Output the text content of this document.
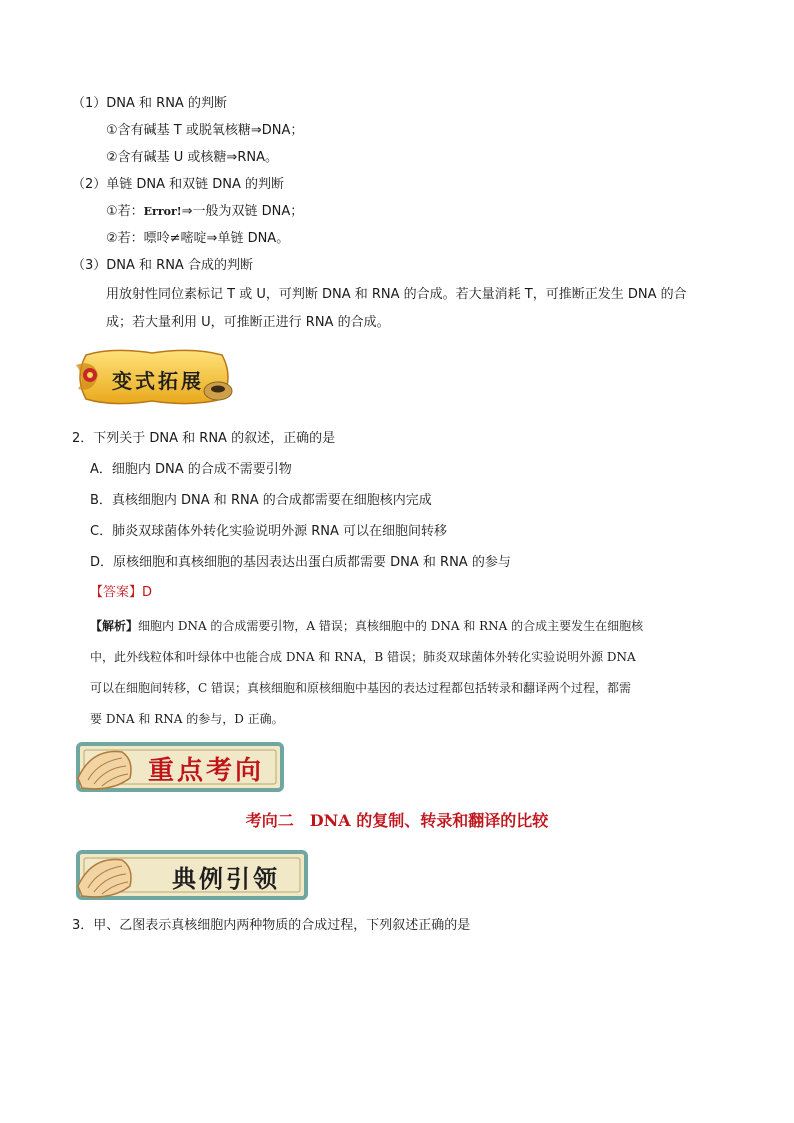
（1）DNA 和 RNA 的判断
①含有碱基 T 或脱氧核糖⇒DNA；
②含有碱基 U 或核糖⇒RNA。
（2）单链 DNA 和双链 DNA 的判断
①若：Error!⇒一般为双链 DNA；
②若：嘌呤≠嘧啶⇒单链 DNA。
（3）DNA 和 RNA 合成的判断
用放射性同位素标记 T 或 U，可判断 DNA 和 RNA 的合成。若大量消耗 T，可推断正发生 DNA 的合
成；若大量利用 U，可推断正进行 RNA 的合成。
变式拓展
2．下列关于 DNA 和 RNA 的叙述，正确的是
A．细胞内 DNA 的合成不需要引物
B．真核细胞内 DNA 和 RNA 的合成都需要在细胞核内完成
C．肺炎双球菌体外转化实验说明外源 RNA 可以在细胞间转移
D．原核细胞和真核细胞的基因表达出蛋白质都需要 DNA 和 RNA 的参与
【答案】D
【解析】细胞内 DNA 的合成需要引物，A 错误；真核细胞中的 DNA 和 RNA 的合成主要发生在细胞核
中，此外线粒体和叶绿体中也能合成 DNA 和 RNA，B 错误；肺炎双球菌体外转化实验说明外源 DNA
可以在细胞间转移，C 错误；真核细胞和原核细胞中基因的表达过程都包括转录和翻译两个过程，都需
要 DNA 和 RNA 的参与，D 正确。
重点考向
考向二　DNA 的复制、转录和翻译的比较
典例引领
3．甲、乙图表示真核细胞内两种物质的合成过程，下列叙述正确的是
